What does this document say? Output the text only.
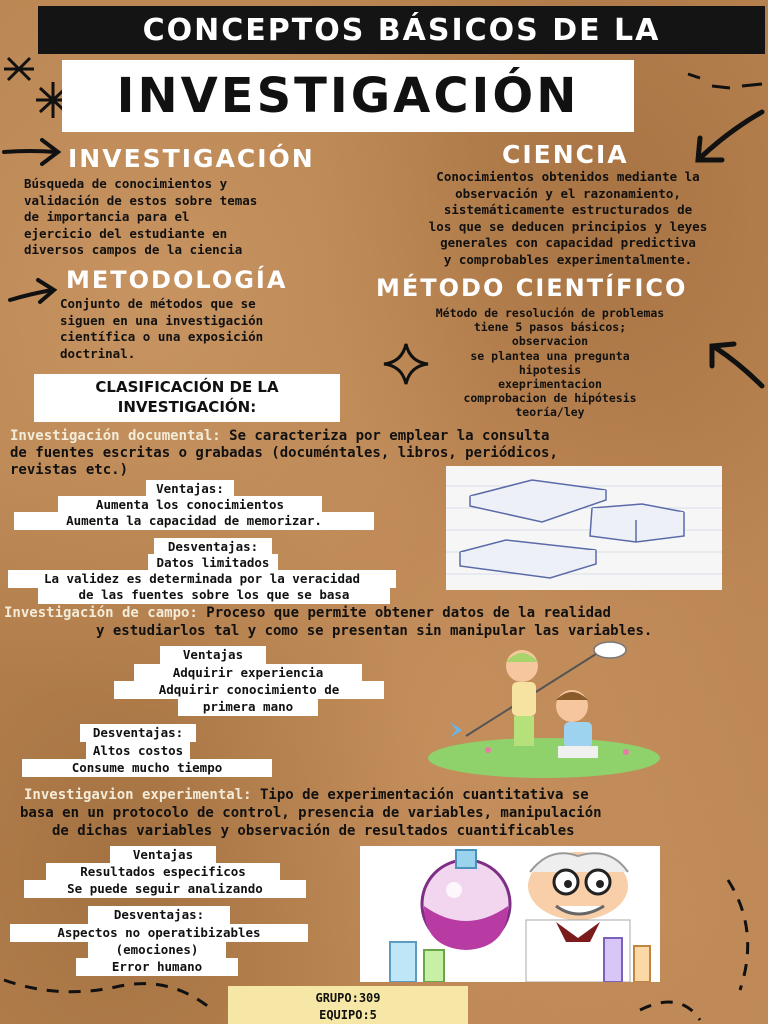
CONCEPTOS BÁSICOS DE LA
INVESTIGACIÓN
INVESTIGACIÓN
Búsqueda de conocimientos y
validación de estos sobre temas
de importancia para el
ejercicio del estudiante en
diversos campos de la ciencia
CIENCIA
Conocimientos obtenidos mediante la
observación y el razonamiento,
sistemáticamente estructurados de
los que se deducen principios y leyes
generales con capacidad predictiva
y comprobables experimentalmente.
METODOLOGÍA
Conjunto de métodos que se
siguen en una investigación
científica o una exposición
doctrinal.
MÉTODO CIENTÍFICO
Método de resolución de problemas
tiene 5 pasos básicos;
observacion
se plantea una pregunta
hipotesis
exeprimentacion
comprobacion de hipótesis
teoría/ley
CLASIFICACIÓN DE LA
INVESTIGACIÓN:
Investigación documental: Se caracteriza por emplear la consulta
de fuentes escritas o grabadas (documéntales, libros, periódicos,
revistas etc.)
Ventajas:
Aumenta los conocimientos
Aumenta la capacidad de memorizar.
Desventajas:
Datos limitados
La validez es determinada por la veracidad
de las fuentes sobre los que se basa
Investigación de campo: Proceso que permite obtener datos de la realidad
y estudiarlos tal y como se presentan sin manipular las variables.
Ventajas
Adquirir experiencia
Adquirir conocimiento de
primera mano
Desventajas:
Altos costos
Consume mucho tiempo
Investigavion experimental: Tipo de experimentación cuantitativa se
basa en un protocolo de control, presencia de variables, manipulación
de dichas variables y observación de resultados cuantificables
Ventajas
Resultados especificos
Se puede seguir analizando
Desventajas:
Aspectos no operatibizables
(emociones)
Error humano
GRUPO:309
EQUIPO:5
